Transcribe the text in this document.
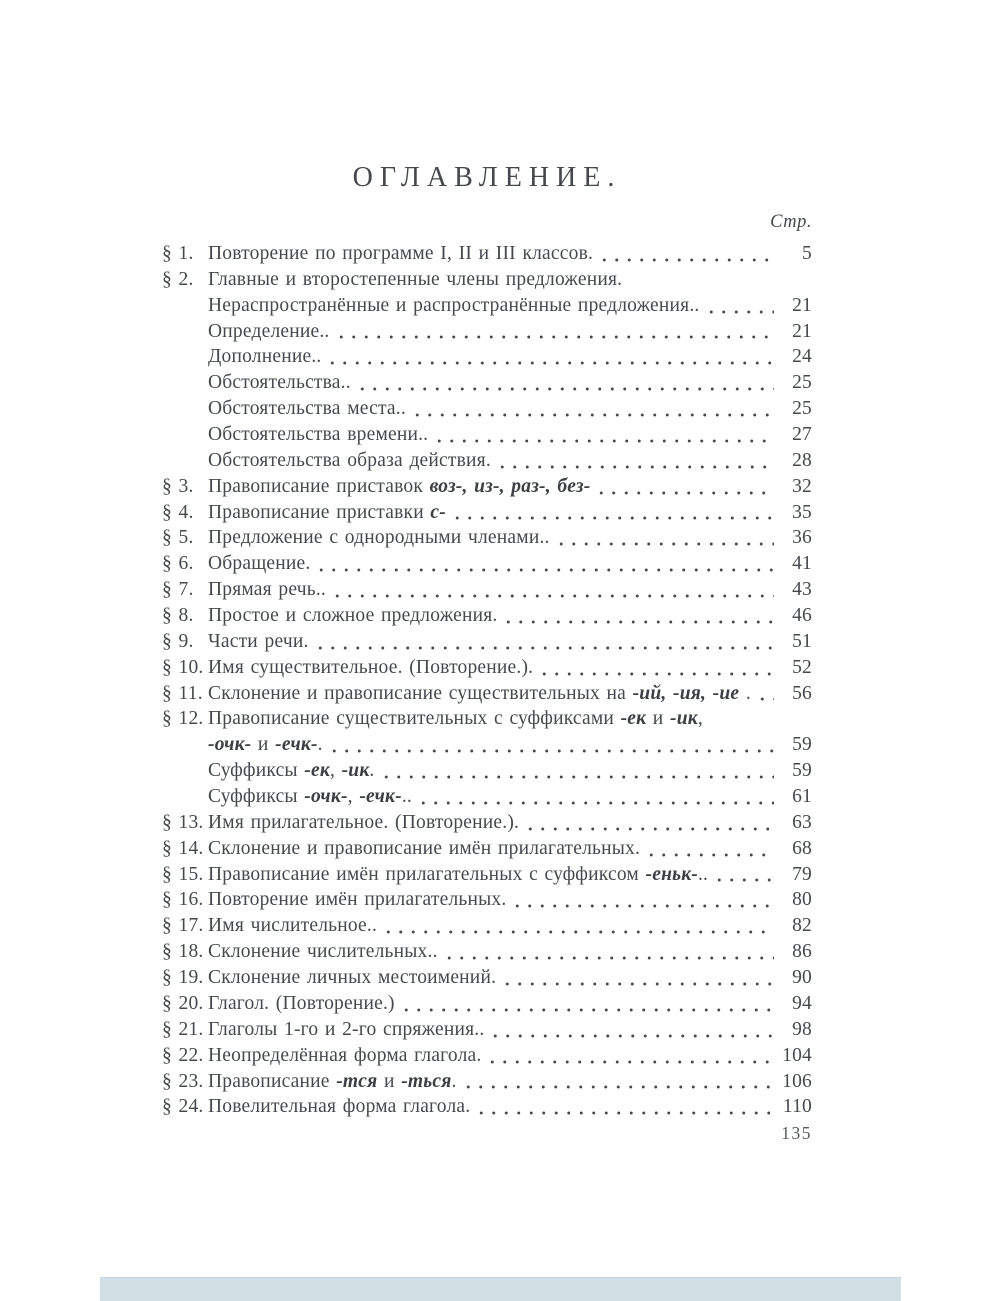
ОГЛАВЛЕНИЕ.
Стр.
§ 1. Повторение по программе I, II и III классов.	5
§ 2. Главные и второстепенные члены предложения.
Нераспространённые и распространённые предложения..	21
Определение..	21
Дополнение..	24
Обстоятельства..	25
Обстоятельства места..	25
Обстоятельства времени..	27
Обстоятельства образа действия.	28
§ 3. Правописание приставок воз-, из-, раз-, без-	32
§ 4. Правописание приставки с-	35
§ 5. Предложение с однородными членами..	36
§ 6. Обращение.	41
§ 7. Прямая речь..	43
§ 8. Простое и сложное предложения.	46
§ 9. Части речи.	51
§ 10. Имя существительное. (Повторение.).	52
§ 11. Склонение и правописание существительных на -ий, -ия, -ие .	56
§ 12. Правописание существительных с суффиксами -ек и -ик,
-очк- и -ечк-.	59
Суффиксы -ек, -ик.	59
Суффиксы -очк-, -ечк-..	61
§ 13. Имя прилагательное. (Повторение.).	63
§ 14. Склонение и правописание имён прилагательных.	68
§ 15. Правописание имён прилагательных с суффиксом -еньк-..	79
§ 16. Повторение имён прилагательных.	80
§ 17. Имя числительное..	82
§ 18. Склонение числительных..	86
§ 19. Склонение личных местоимений.	90
§ 20. Глагол. (Повторение.)	94
§ 21. Глаголы 1-го и 2-го спряжения..	98
§ 22. Неопределённая форма глагола.	104
§ 23. Правописание -тся и -ться.	106
§ 24. Повелительная форма глагола.	110
135
